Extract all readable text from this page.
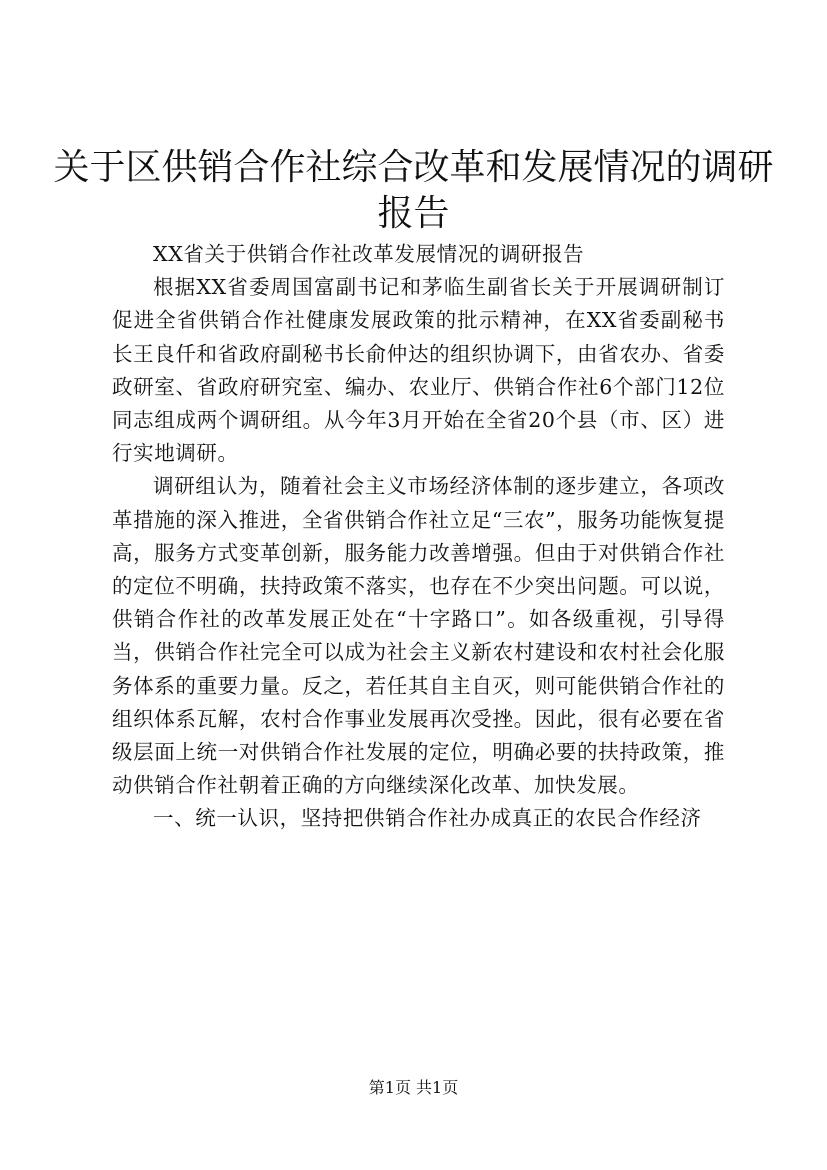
关于区供销合作社综合改革和发展情况的调研
报告

XX省关于供销合作社改革发展情况的调研报告

根据XX省委周国富副书记和茅临生副省长关于开展调研制订促进全省供销合作社健康发展政策的批示精神，在XX省委副秘书长王良仟和省政府副秘书长俞仲达的组织协调下，由省农办、省委政研室、省政府研究室、编办、农业厅、供销合作社6个部门12位同志组成两个调研组。从今年3月开始在全省20个县（市、区）进行实地调研。

调研组认为，随着社会主义市场经济体制的逐步建立，各项改革措施的深入推进，全省供销合作社立足“三农”，服务功能恢复提高，服务方式变革创新，服务能力改善增强。但由于对供销合作社的定位不明确，扶持政策不落实，也存在不少突出问题。可以说，供销合作社的改革发展正处在“十字路口”。如各级重视，引导得当，供销合作社完全可以成为社会主义新农村建设和农村社会化服务体系的重要力量。反之，若任其自主自灭，则可能供销合作社的组织体系瓦解，农村合作事业发展再次受挫。因此，很有必要在省级层面上统一对供销合作社发展的定位，明确必要的扶持政策，推动供销合作社朝着正确的方向继续深化改革、加快发展。

一、统一认识，坚持把供销合作社办成真正的农民合作经济

第1页 共1页
